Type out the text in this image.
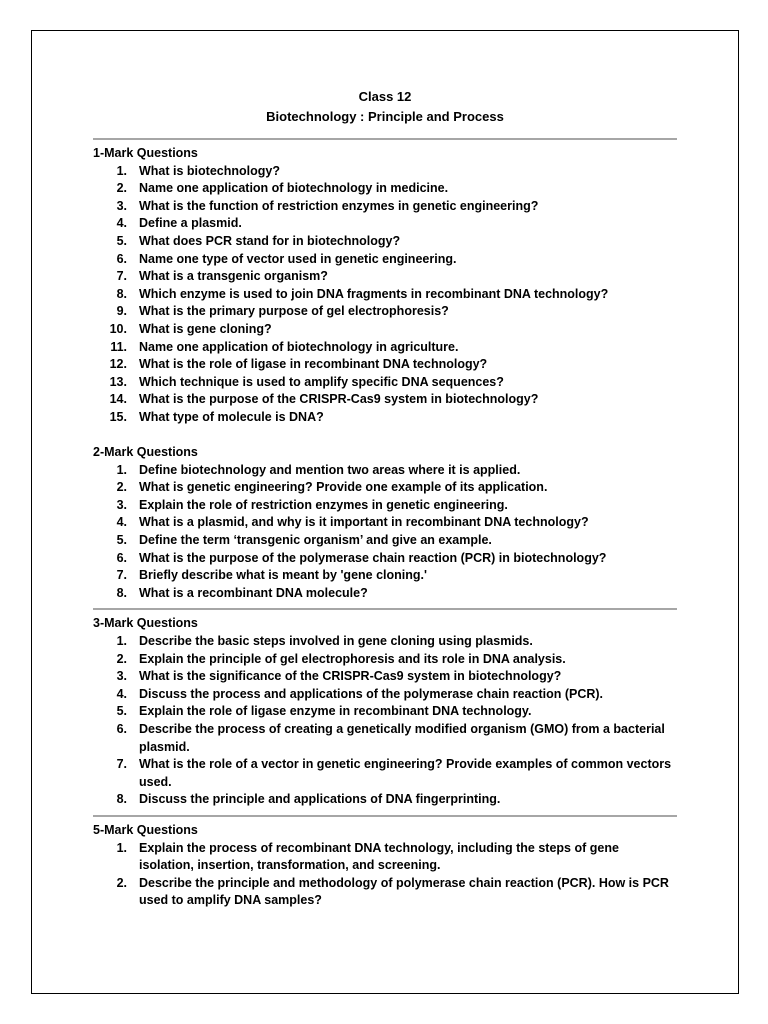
Class 12
Biotechnology : Principle and Process
1-Mark Questions
1. What is biotechnology?
2. Name one application of biotechnology in medicine.
3. What is the function of restriction enzymes in genetic engineering?
4. Define a plasmid.
5. What does PCR stand for in biotechnology?
6. Name one type of vector used in genetic engineering.
7. What is a transgenic organism?
8. Which enzyme is used to join DNA fragments in recombinant DNA technology?
9. What is the primary purpose of gel electrophoresis?
10. What is gene cloning?
11. Name one application of biotechnology in agriculture.
12. What is the role of ligase in recombinant DNA technology?
13. Which technique is used to amplify specific DNA sequences?
14. What is the purpose of the CRISPR-Cas9 system in biotechnology?
15. What type of molecule is DNA?
2-Mark Questions
1. Define biotechnology and mention two areas where it is applied.
2. What is genetic engineering? Provide one example of its application.
3. Explain the role of restriction enzymes in genetic engineering.
4. What is a plasmid, and why is it important in recombinant DNA technology?
5. Define the term ‘transgenic organism’ and give an example.
6. What is the purpose of the polymerase chain reaction (PCR) in biotechnology?
7. Briefly describe what is meant by 'gene cloning.'
8. What is a recombinant DNA molecule?
3-Mark Questions
1. Describe the basic steps involved in gene cloning using plasmids.
2. Explain the principle of gel electrophoresis and its role in DNA analysis.
3. What is the significance of the CRISPR-Cas9 system in biotechnology?
4. Discuss the process and applications of the polymerase chain reaction (PCR).
5. Explain the role of ligase enzyme in recombinant DNA technology.
6. Describe the process of creating a genetically modified organism (GMO) from a bacterial plasmid.
7. What is the role of a vector in genetic engineering? Provide examples of common vectors used.
8. Discuss the principle and applications of DNA fingerprinting.
5-Mark Questions
1. Explain the process of recombinant DNA technology, including the steps of gene isolation, insertion, transformation, and screening.
2. Describe the principle and methodology of polymerase chain reaction (PCR). How is PCR used to amplify DNA samples?
